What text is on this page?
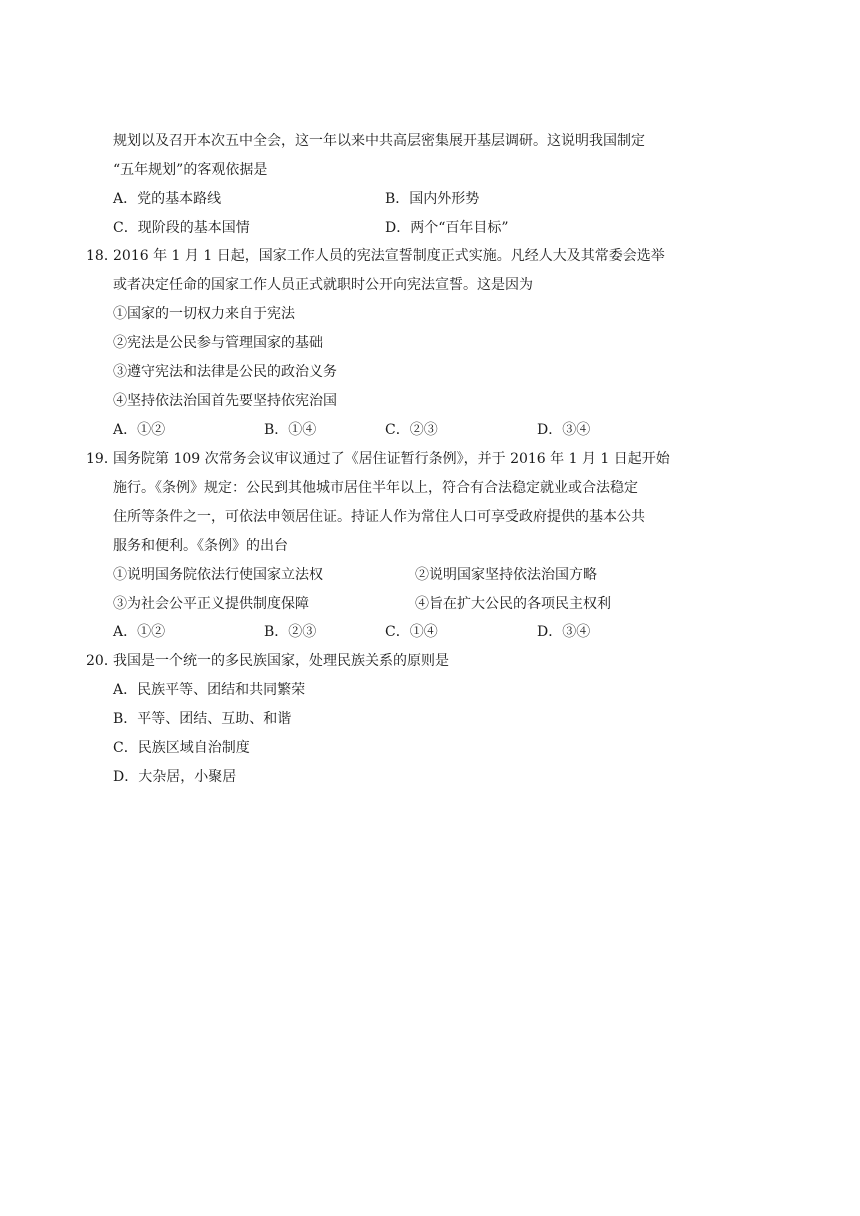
规划以及召开本次五中全会，这一年以来中共高层密集展开基层调研。这说明我国制定
“五年规划”的客观依据是
A．党的基本路线	B．国内外形势
C．现阶段的基本国情	D．两个“百年目标”
18．
2016 年 1 月 1 日起，国家工作人员的宪法宣誓制度正式实施。凡经人大及其常委会选举
或者决定任命的国家工作人员正式就职时公开向宪法宣誓。这是因为
①国家的一切权力来自于宪法
②宪法是公民参与管理国家的基础
③遵守宪法和法律是公民的政治义务
④坚持依法治国首先要坚持依宪治国
A．①②	B．①④	C．②③	D．③④
19．
国务院第 109 次常务会议审议通过了《居住证暂行条例》，并于 2016 年 1 月 1 日起开始
施行。《条例》规定：公民到其他城市居住半年以上，符合有合法稳定就业或合法稳定
住所等条件之一，可依法申领居住证。持证人作为常住人口可享受政府提供的基本公共
服务和便利。《条例》的出台
①说明国务院依法行使国家立法权	②说明国家坚持依法治国方略
③为社会公平正义提供制度保障	④旨在扩大公民的各项民主权利
A．①②	B．②③	C．①④	D．③④
20．
我国是一个统一的多民族国家，处理民族关系的原则是
A．民族平等、团结和共同繁荣
B．平等、团结、互助、和谐
C．民族区域自治制度
D．大杂居，小聚居
